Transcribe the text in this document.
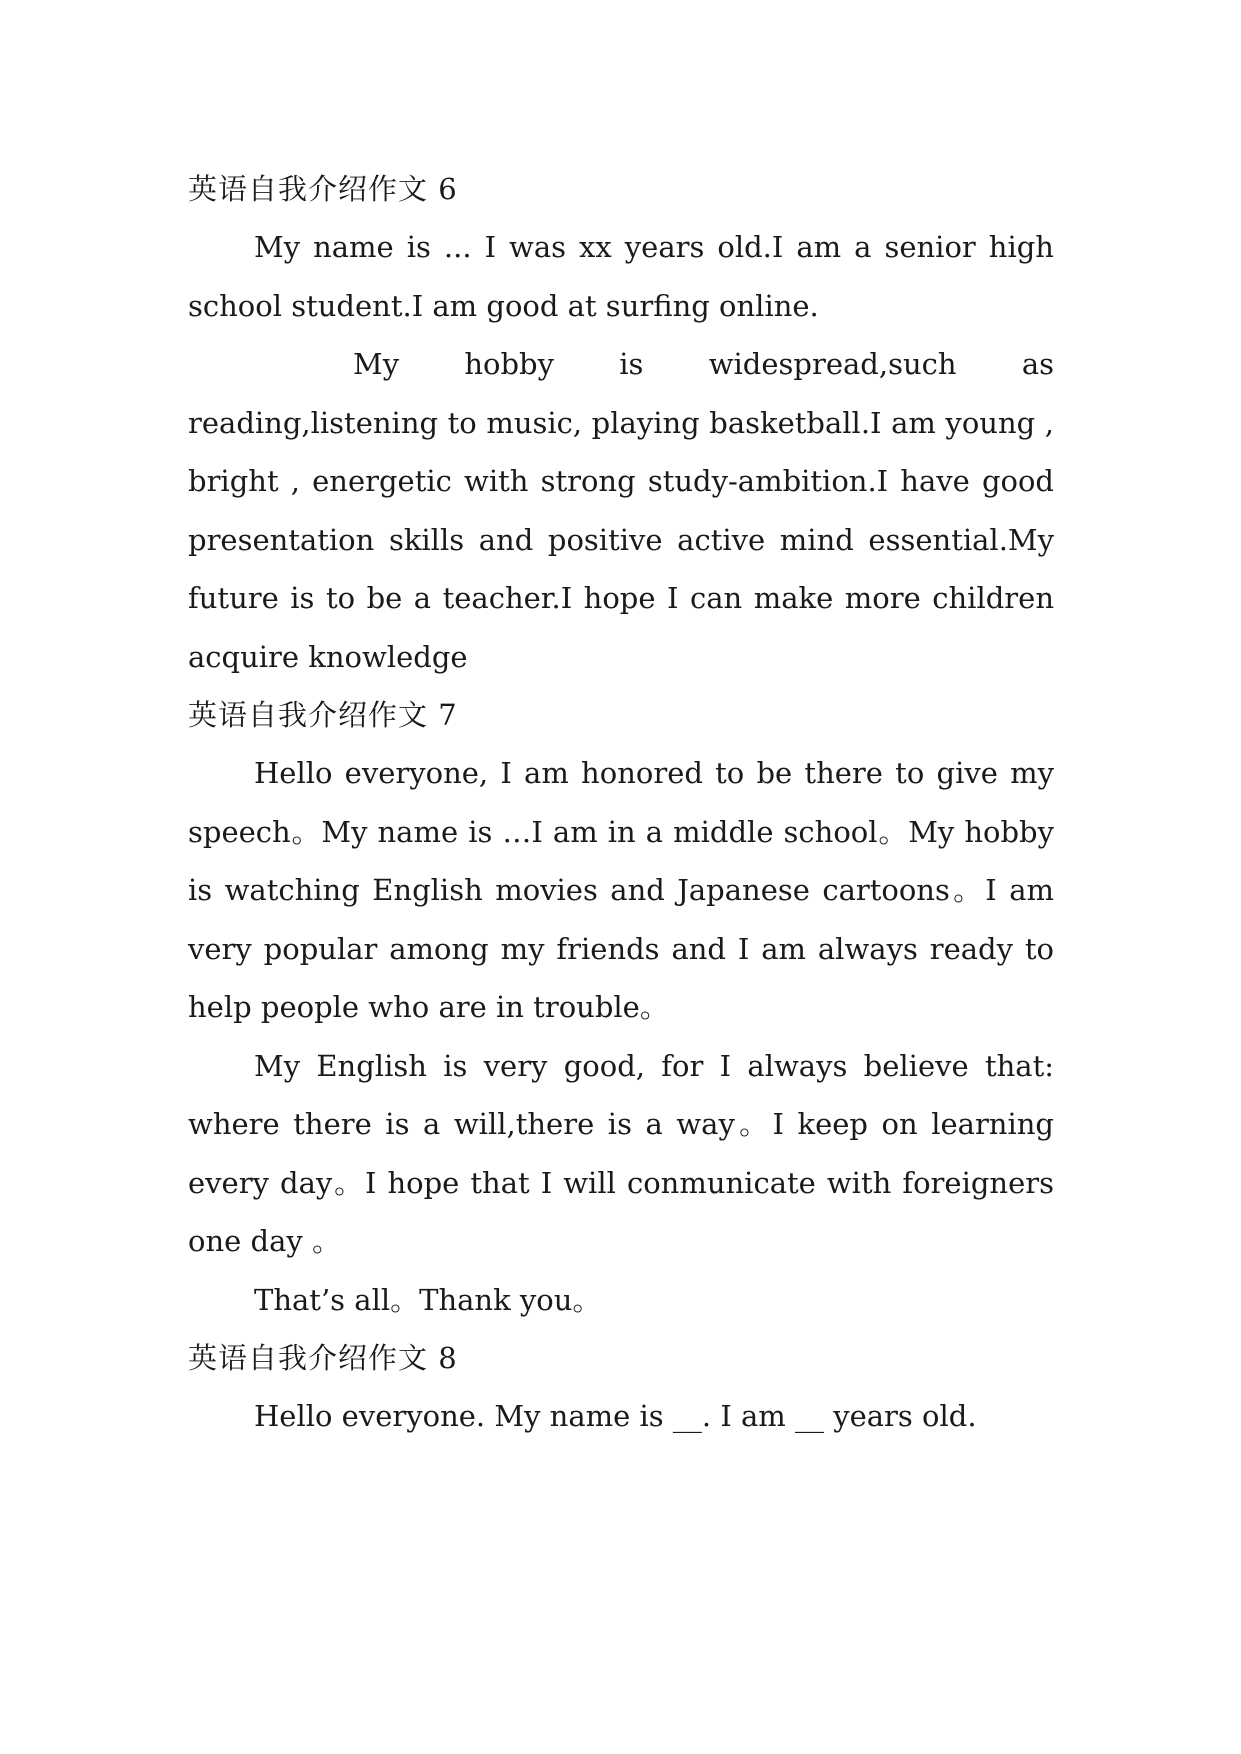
英语自我介绍作文 6

My name is ... I was xx years old.I am a senior high school student.I am good at surfing online.

My hobby is widespread,such as reading,listening to music, playing basketball.I am young , bright , energetic with strong study-ambition.I have good presentation skills and positive active mind essential.My future is to be a teacher.I hope I can make more children acquire knowledge

英语自我介绍作文 7

Hello everyone, I am honored to be there to give my speech。My name is …I am in a middle school。My hobby is watching English movies and Japanese cartoons。I am very popular among my friends and I am always ready to help people who are in trouble。

My English is very good, for I always believe that: where there is a will,there is a way。I keep on learning every day。I hope that I will conmunicate with foreigners one day 。

That’s all。Thank you。

英语自我介绍作文 8

Hello everyone. My name is __. I am __ years old.
